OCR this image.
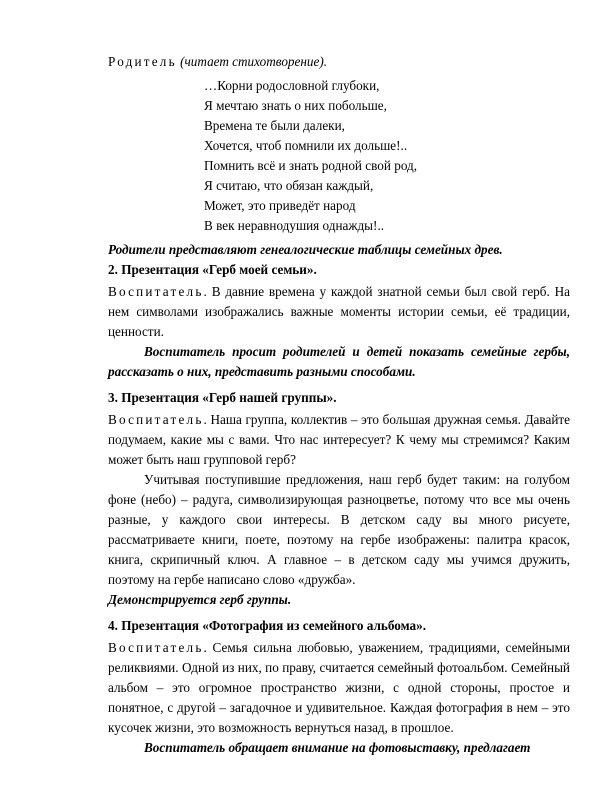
Родитель (читает стихотворение).

…Корни родословной глубоки,
Я мечтаю знать о них побольше,
Времена те были далеки,
Хочется, чтоб помнили их дольше!..
Помнить всё и знать родной свой род,
Я считаю, что обязан каждый,
Может, это приведёт народ
В век неравнодушия однажды!..

Родители представляют генеалогические таблицы семейных древ.

2. Презентация «Герб моей семьи».

Воспитатель. В давние времена у каждой знатной семьи был свой герб. На нем символами изображались важные моменты истории семьи, её традиции, ценности.

Воспитатель просит родителей и детей показать семейные гербы, рассказать о них, представить разными способами.

3. Презентация «Герб нашей группы».

Воспитатель. Наша группа, коллектив – это большая дружная семья. Давайте подумаем, какие мы с вами. Что нас интересует? К чему мы стремимся? Каким может быть наш групповой герб?

Учитывая поступившие предложения, наш герб будет таким: на голубом фоне (небо) – радуга, символизирующая разноцветье, потому что все мы очень разные, у каждого свои интересы. В детском саду вы много рисуете, рассматриваете книги, поете, поэтому на гербе изображены: палитра красок, книга, скрипичный ключ. А главное – в детском саду мы учимся дружить, поэтому на гербе написано слово «дружба».

Демонстрируется герб группы.

4. Презентация «Фотография из семейного альбома».

Воспитатель. Семья сильна любовью, уважением, традициями, семейными реликвиями. Одной из них, по праву, считается семейный фотоальбом. Семейный альбом – это огромное пространство жизни, с одной стороны, простое и понятное, с другой – загадочное и удивительное. Каждая фотография в нем – это кусочек жизни, это возможность вернуться назад, в прошлое.

Воспитатель обращает внимание на фотовыставку, предлагает
